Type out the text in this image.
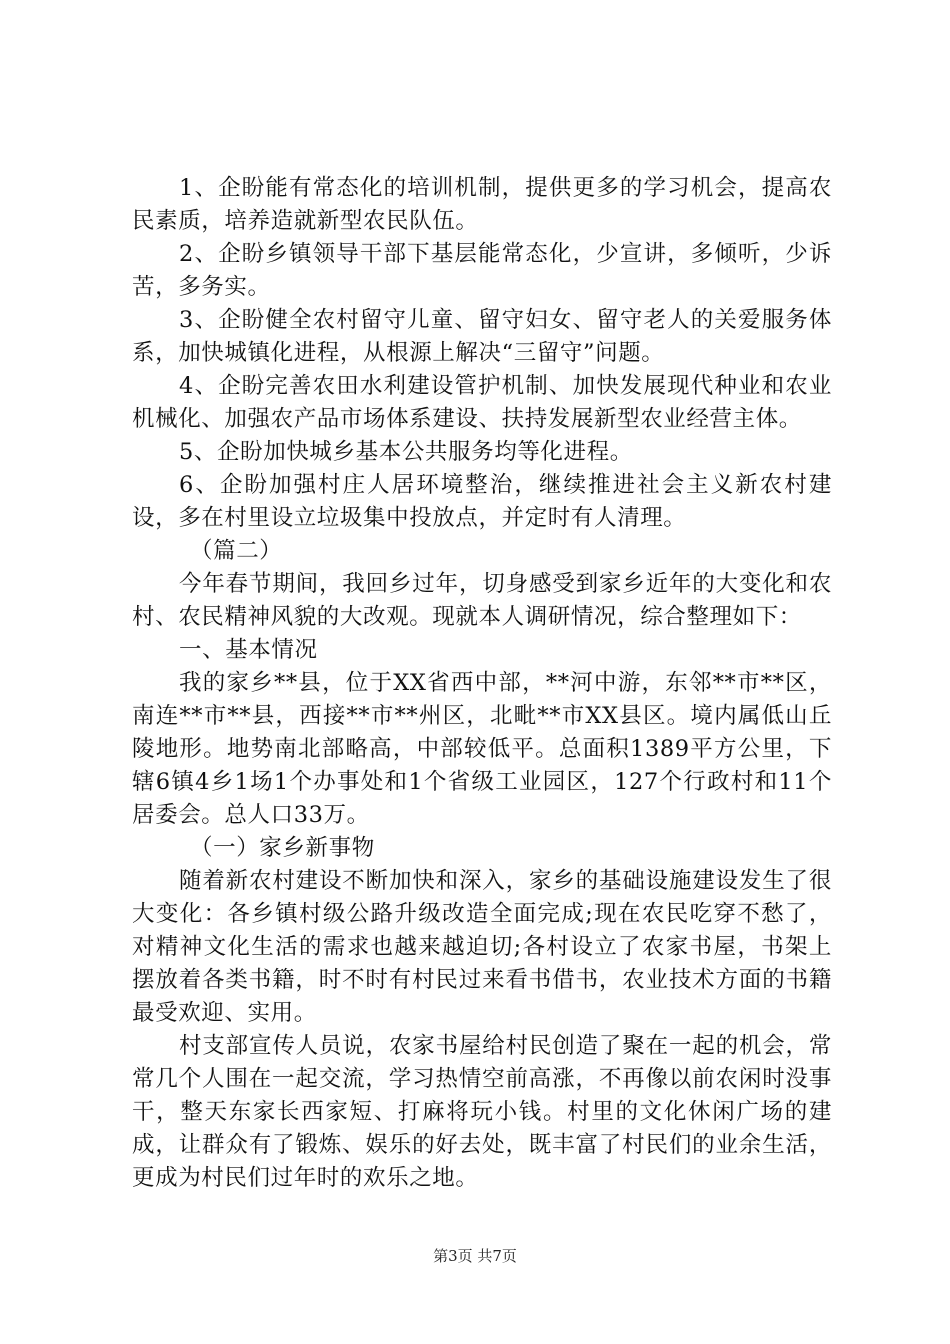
1、企盼能有常态化的培训机制，提供更多的学习机会，提高农民素质，培养造就新型农民队伍。

2、企盼乡镇领导干部下基层能常态化，少宣讲，多倾听，少诉苦，多务实。

3、企盼健全农村留守儿童、留守妇女、留守老人的关爱服务体系，加快城镇化进程，从根源上解决“三留守”问题。

4、企盼完善农田水利建设管护机制、加快发展现代种业和农业机械化、加强农产品市场体系建设、扶持发展新型农业经营主体。

5、企盼加快城乡基本公共服务均等化进程。

6、企盼加强村庄人居环境整治，继续推进社会主义新农村建设，多在村里设立垃圾集中投放点，并定时有人清理。

（篇二）

今年春节期间，我回乡过年，切身感受到家乡近年的大变化和农村、农民精神风貌的大改观。现就本人调研情况，综合整理如下：

一、基本情况

我的家乡**县，位于XX省西中部，**河中游，东邻**市**区，南连**市**县，西接**市**州区，北毗**市XX县区。境内属低山丘陵地形。地势南北部略高，中部较低平。总面积1389平方公里，下辖6镇4乡1场1个办事处和1个省级工业园区，127个行政村和11个居委会。总人口33万。

（一）家乡新事物

随着新农村建设不断加快和深入，家乡的基础设施建设发生了很大变化：各乡镇村级公路升级改造全面完成;现在农民吃穿不愁了，对精神文化生活的需求也越来越迫切;各村设立了农家书屋，书架上摆放着各类书籍，时不时有村民过来看书借书，农业技术方面的书籍最受欢迎、实用。

村支部宣传人员说，农家书屋给村民创造了聚在一起的机会，常常几个人围在一起交流，学习热情空前高涨，不再像以前农闲时没事干，整天东家长西家短、打麻将玩小钱。村里的文化休闲广场的建成，让群众有了锻炼、娱乐的好去处，既丰富了村民们的业余生活，更成为村民们过年时的欢乐之地。

第3页 共7页
